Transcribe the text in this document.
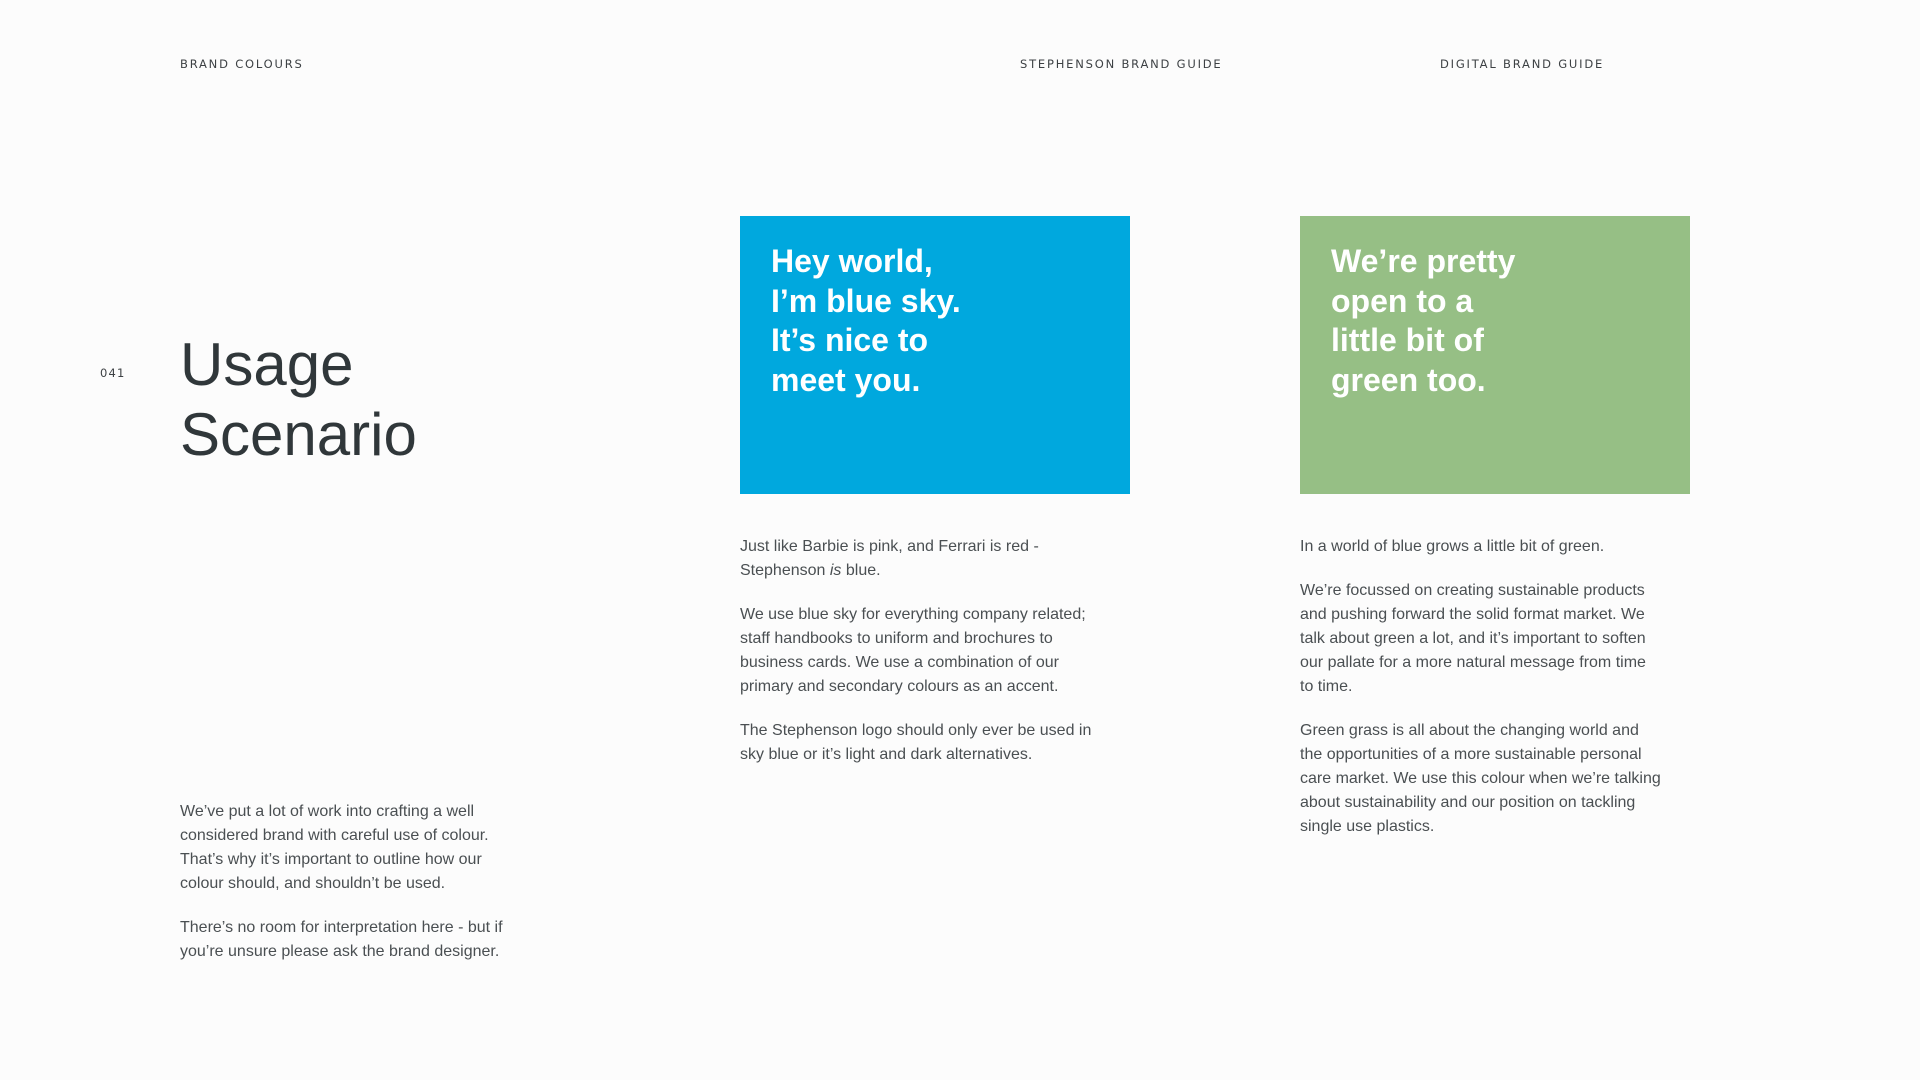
BRAND COLOURS	STEPHENSON BRAND GUIDE	DIGITAL BRAND GUIDE
041 Usage
Scenario
Hey world,
I’m blue sky.
It’s nice to
meet you.
We’re pretty
open to a
little bit of
green too.

We’ve put a lot of work into crafting a well
considered brand with careful use of colour.
That’s why it’s important to outline how our
colour should, and shouldn’t be used.

There’s no room for interpretation here - but if
you’re unsure please ask the brand designer.

Just like Barbie is pink, and Ferrari is red -
Stephenson is blue.

We use blue sky for everything company related;
staff handbooks to uniform and brochures to
business cards. We use a combination of our
primary and secondary colours as an accent.

The Stephenson logo should only ever be used in
sky blue or it’s light and dark alternatives.

In a world of blue grows a little bit of green.

We’re focussed on creating sustainable products
and pushing forward the solid format market. We
talk about green a lot, and it’s important to soften
our pallate for a more natural message from time
to time.

Green grass is all about the changing world and
the opportunities of a more sustainable personal
care market. We use this colour when we’re talking
about sustainability and our position on tackling
single use plastics.
